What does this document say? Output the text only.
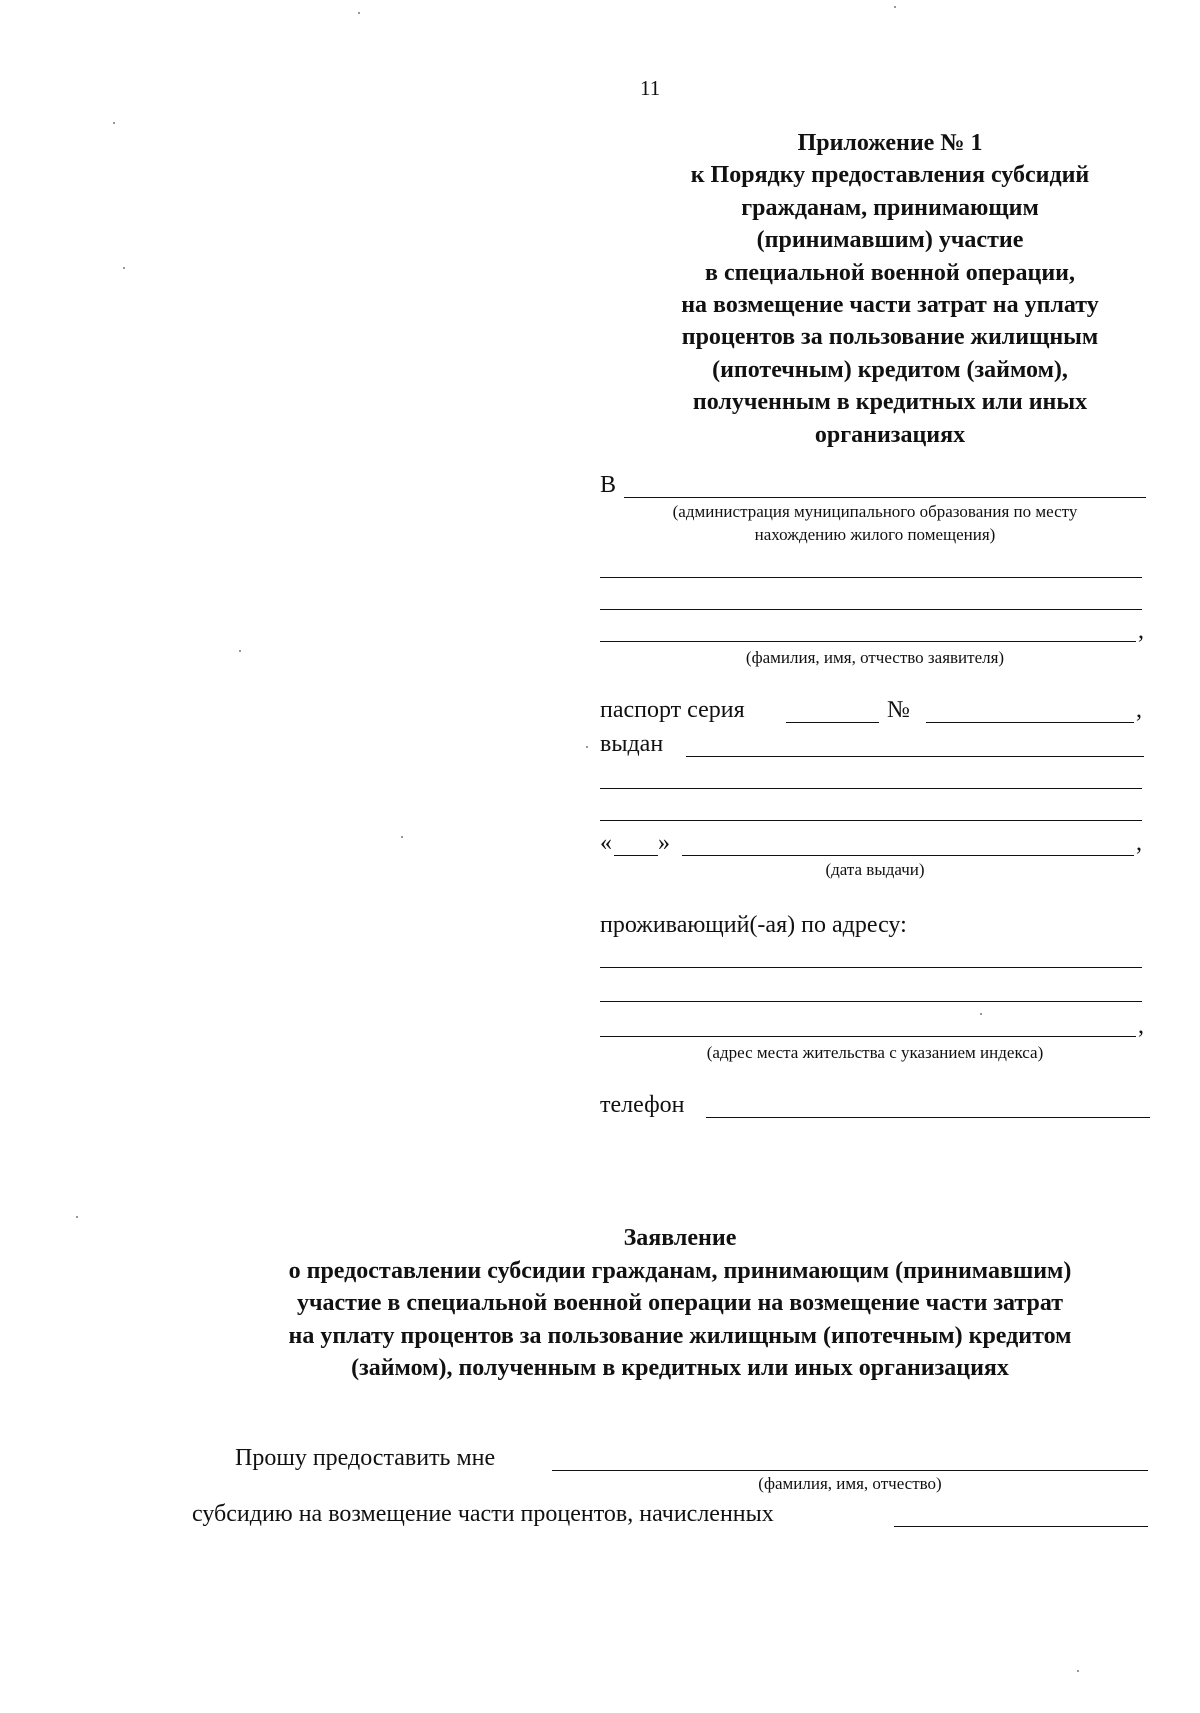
11
Приложение № 1
к Порядку предоставления субсидий
гражданам, принимающим
(принимавшим) участие
в специальной военной операции,
на возмещение части затрат на уплату
процентов за пользование жилищным
(ипотечным) кредитом (займом),
полученным в кредитных или иных
организациях
В
(администрация муниципального образования по месту
нахождению жилого помещения)
,
(фамилия, имя, отчество заявителя)
паспорт серия	№	,
выдан
« »	,
(дата выдачи)
проживающий(-ая) по адресу:
,
(адрес места жительства с указанием индекса)
телефон
Заявление
о предоставлении субсидии гражданам, принимающим (принимавшим)
участие в специальной военной операции на возмещение части затрат
на уплату процентов за пользование жилищным (ипотечным) кредитом
(займом), полученным в кредитных или иных организациях
Прошу предоставить мне
(фамилия, имя, отчество)
субсидию на возмещение части процентов, начисленных
